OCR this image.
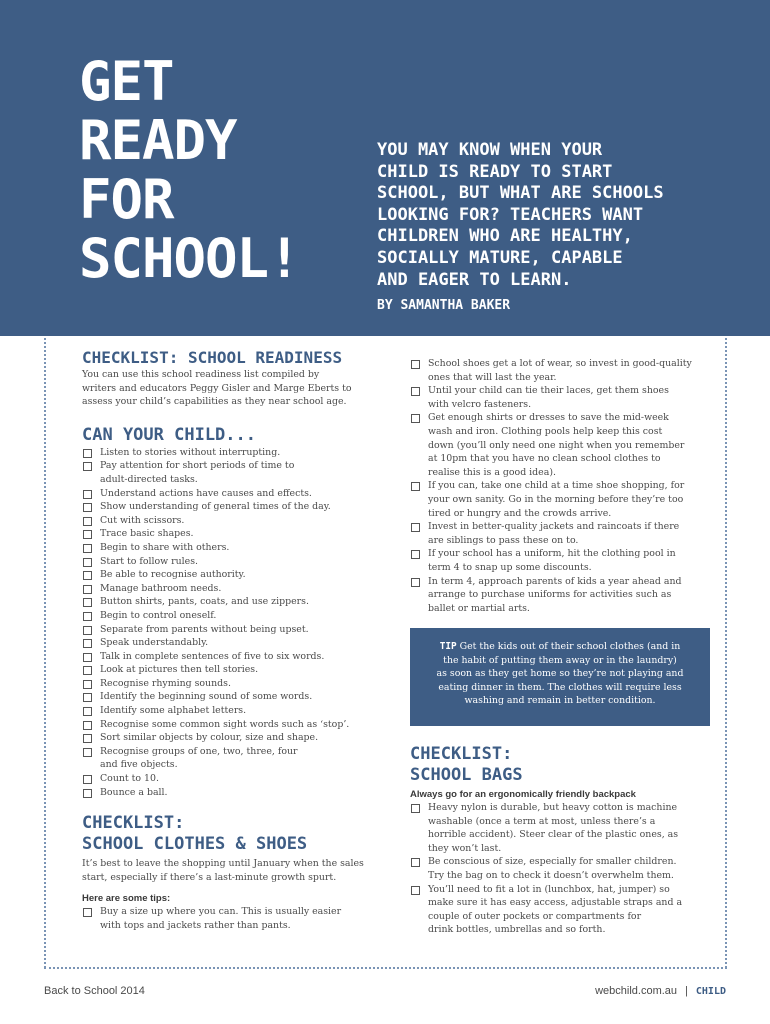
GET
READY
FOR
SCHOOL!
YOU MAY KNOW WHEN YOUR
CHILD IS READY TO START
SCHOOL, BUT WHAT ARE SCHOOLS
LOOKING FOR? TEACHERS WANT
CHILDREN WHO ARE HEALTHY,
SOCIALLY MATURE, CAPABLE
AND EAGER TO LEARN.
BY SAMANTHA BAKER
CHECKLIST: SCHOOL READINESS

You can use this school readiness list compiled by
writers and educators Peggy Gisler and Marge Eberts to
assess your child’s capabilities as they near school age.

CAN YOUR CHILD...
Listen to stories without interrupting.
Pay attention for short periods of time to
adult-directed tasks.
Understand actions have causes and effects.
Show understanding of general times of the day.
Cut with scissors.
Trace basic shapes.
Begin to share with others.
Start to follow rules.
Be able to recognise authority.
Manage bathroom needs.
Button shirts, pants, coats, and use zippers.
Begin to control oneself.
Separate from parents without being upset.
Speak understandably.
Talk in complete sentences of five to six words.
Look at pictures then tell stories.
Recognise rhyming sounds.
Identify the beginning sound of some words.
Identify some alphabet letters.
Recognise some common sight words such as ‘stop’.
Sort similar objects by colour, size and shape.
Recognise groups of one, two, three, four
and five objects.
Count to 10.
Bounce a ball.
CHECKLIST:
SCHOOL CLOTHES & SHOES

It’s best to leave the shopping until January when the sales
start, especially if there’s a last-minute growth spurt.

Here are some tips:
Buy a size up where you can. This is usually easier
with tops and jackets rather than pants.
School shoes get a lot of wear, so invest in good-quality
ones that will last the year.
Until your child can tie their laces, get them shoes
with velcro fasteners.
Get enough shirts or dresses to save the mid-week
wash and iron. Clothing pools help keep this cost
down (you’ll only need one night when you remember
at 10pm that you have no clean school clothes to
realise this is a good idea).
If you can, take one child at a time shoe shopping, for
your own sanity. Go in the morning before they’re too
tired or hungry and the crowds arrive.
Invest in better-quality jackets and raincoats if there
are siblings to pass these on to.
If your school has a uniform, hit the clothing pool in
term 4 to snap up some discounts.
In term 4, approach parents of kids a year ahead and
arrange to purchase uniforms for activities such as
ballet or martial arts.
TIP Get the kids out of their school clothes (and in
the habit of putting them away or in the laundry)
as soon as they get home so they’re not playing and
eating dinner in them. The clothes will require less
washing and remain in better condition.
CHECKLIST:
SCHOOL BAGS
Always go for an ergonomically friendly backpack
Heavy nylon is durable, but heavy cotton is machine
washable (once a term at most, unless there’s a
horrible accident). Steer clear of the plastic ones, as
they won’t last.
Be conscious of size, especially for smaller children.
Try the bag on to check it doesn’t overwhelm them.
You’ll need to fit a lot in (lunchbox, hat, jumper) so
make sure it has easy access, adjustable straps and a
couple of outer pockets or compartments for
drink bottles, umbrellas and so forth.
Back to School 2014	webchild.com.au | CHILD
